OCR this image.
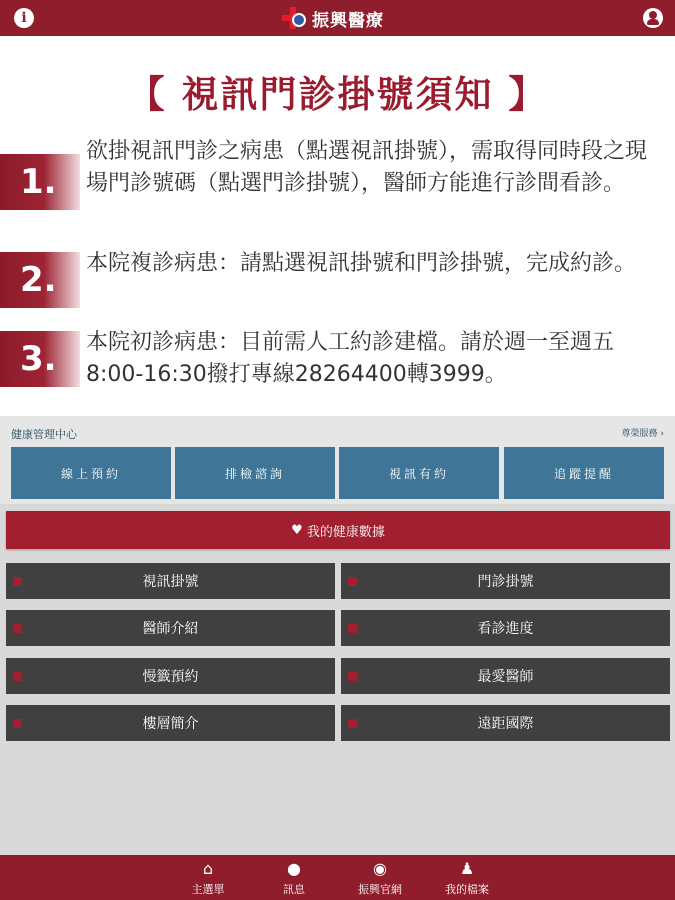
i	振興醫療
【 視訊門診掛號須知 】
1.
欲掛視訊門診之病患（點選視訊掛號），需取得同時段之現場門診號碼（點選門診掛號），醫師方能進行診間看診。
2. 本院複診病患：請點選視訊掛號和門診掛號，完成約診。
3. 本院初診病患：目前需人工約診建檔。請於週一至週五8:00-16:30撥打專線28264400轉3999。
健康管理中心	尊榮服務 ›
線上預約	排檢諮詢	視訊有約	追蹤提醒
♥ 我的健康數據
視訊掛號	門診掛號
醫師介紹	看診進度
慢籤預約	最愛醫師
樓層簡介	遠距國際
⌂
主選單
●
訊息
◉
振興官網
♟
我的檔案
